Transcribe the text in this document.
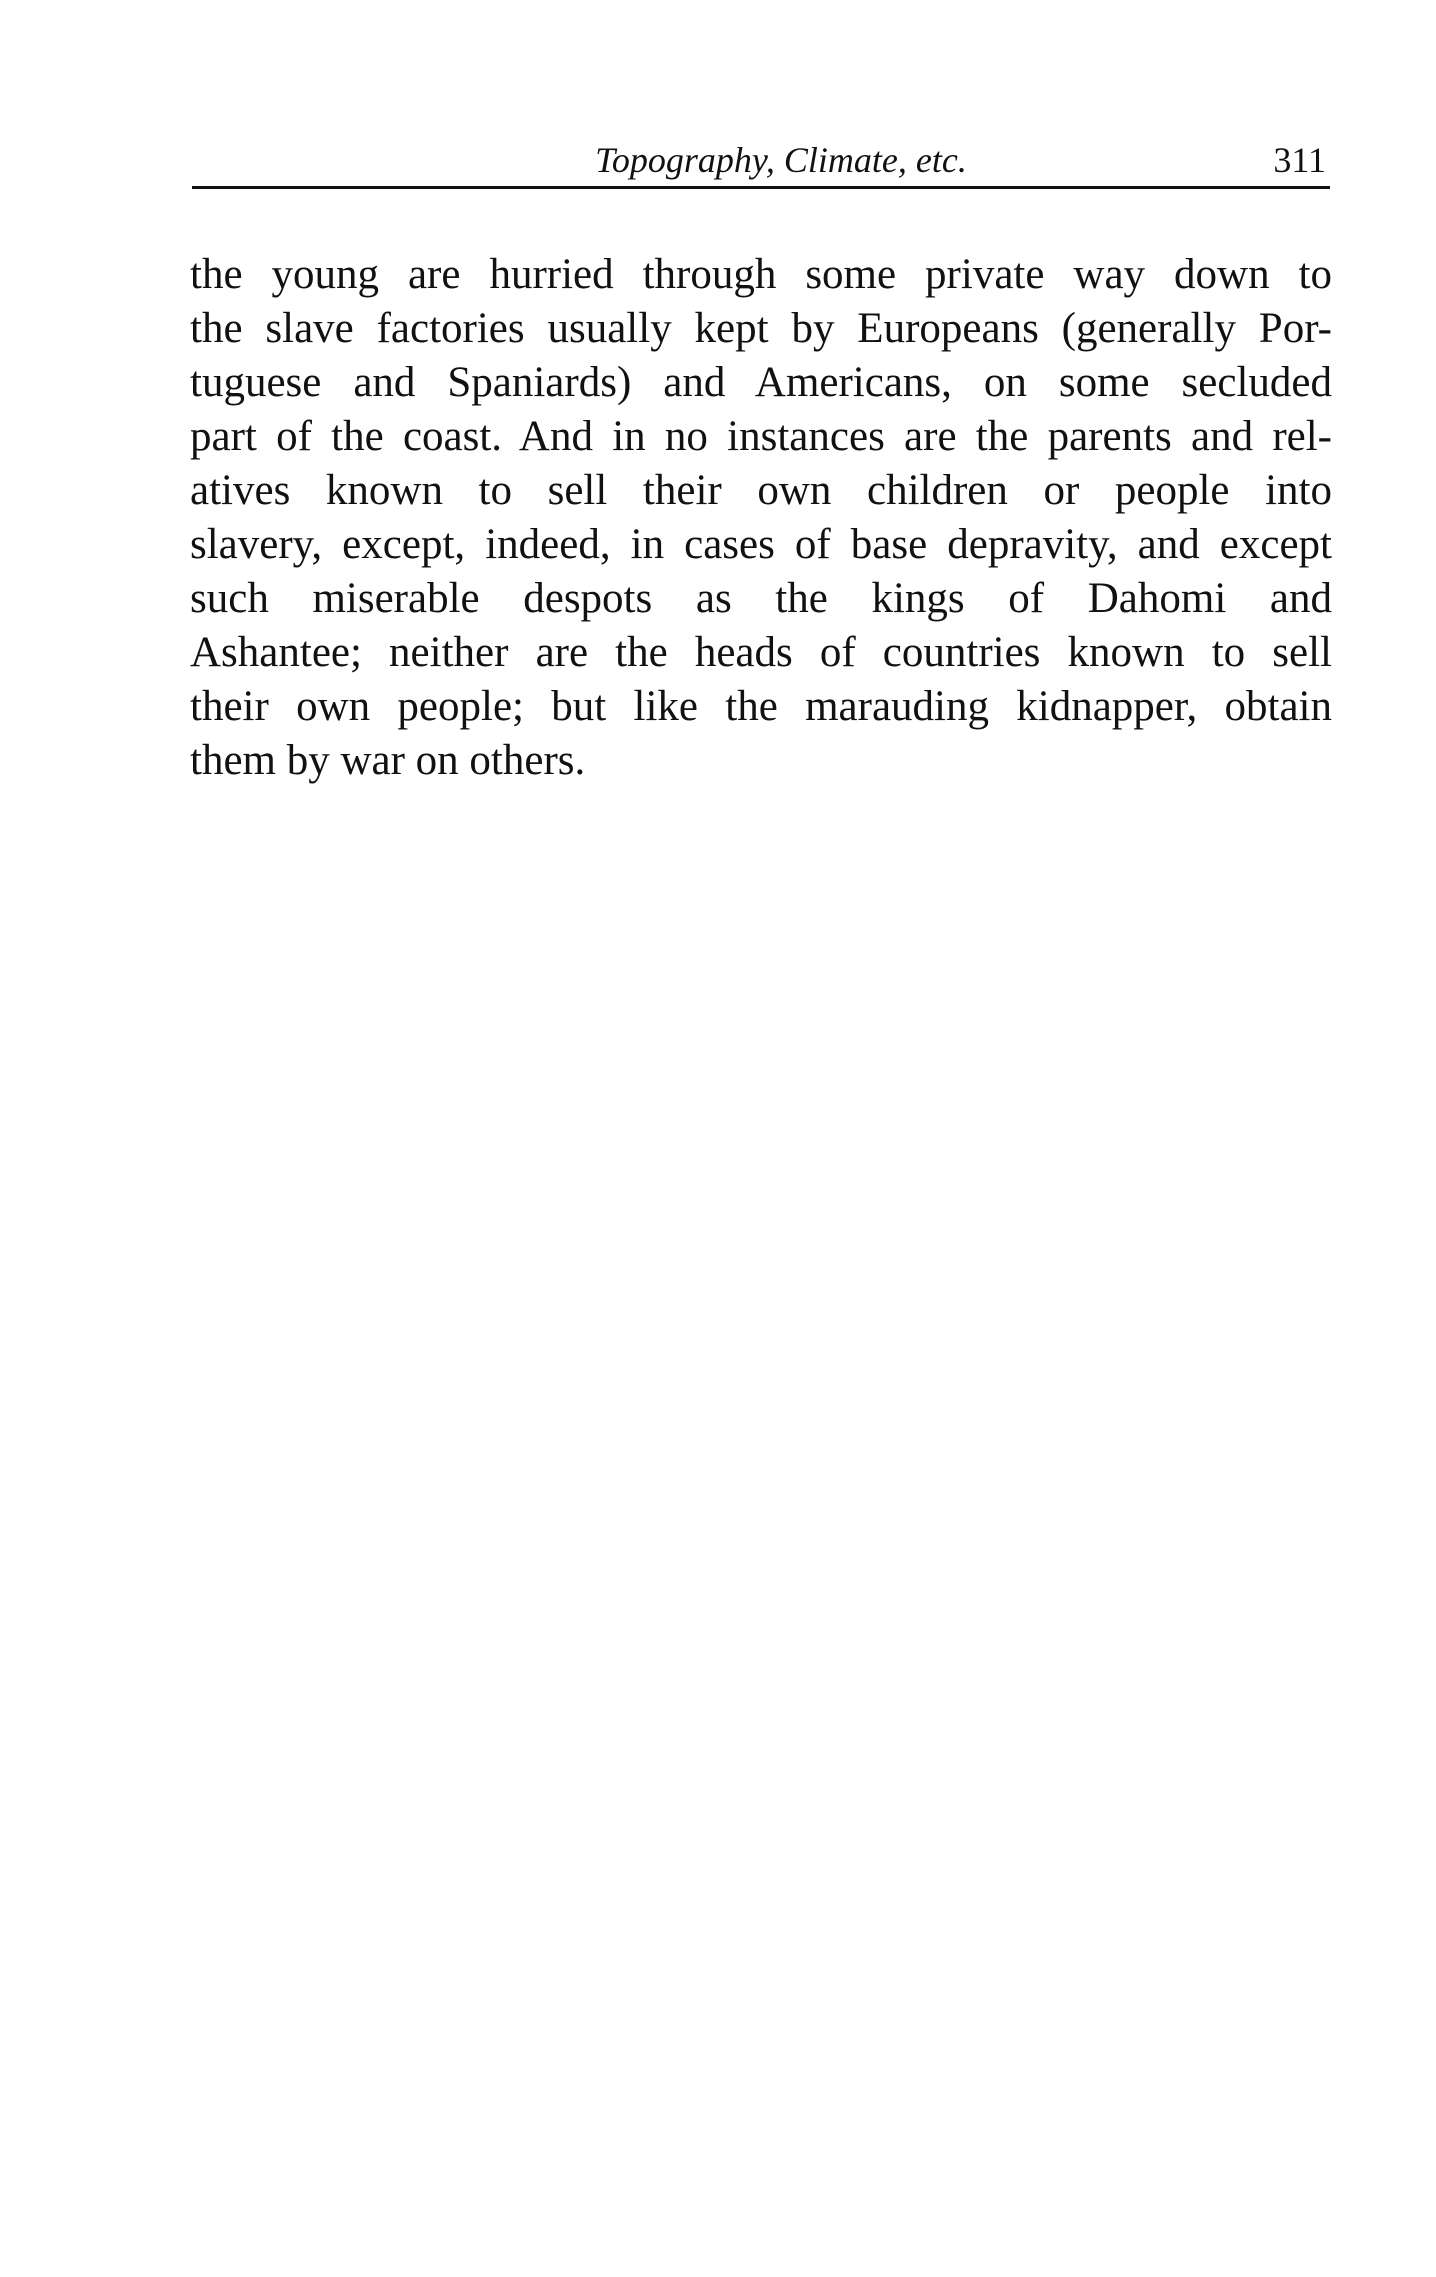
Topography, Climate, etc.	311

the young are hurried through some private way down to
the slave factories usually kept by Europeans (generally Por-
tuguese and Spaniards) and Americans, on some secluded
part of the coast. And in no instances are the parents and rel-
atives known to sell their own children or people into
slavery, except, indeed, in cases of base depravity, and except
such miserable despots as the kings of Dahomi and
Ashantee; neither are the heads of countries known to sell
their own people; but like the marauding kidnapper, obtain
them by war on others.
